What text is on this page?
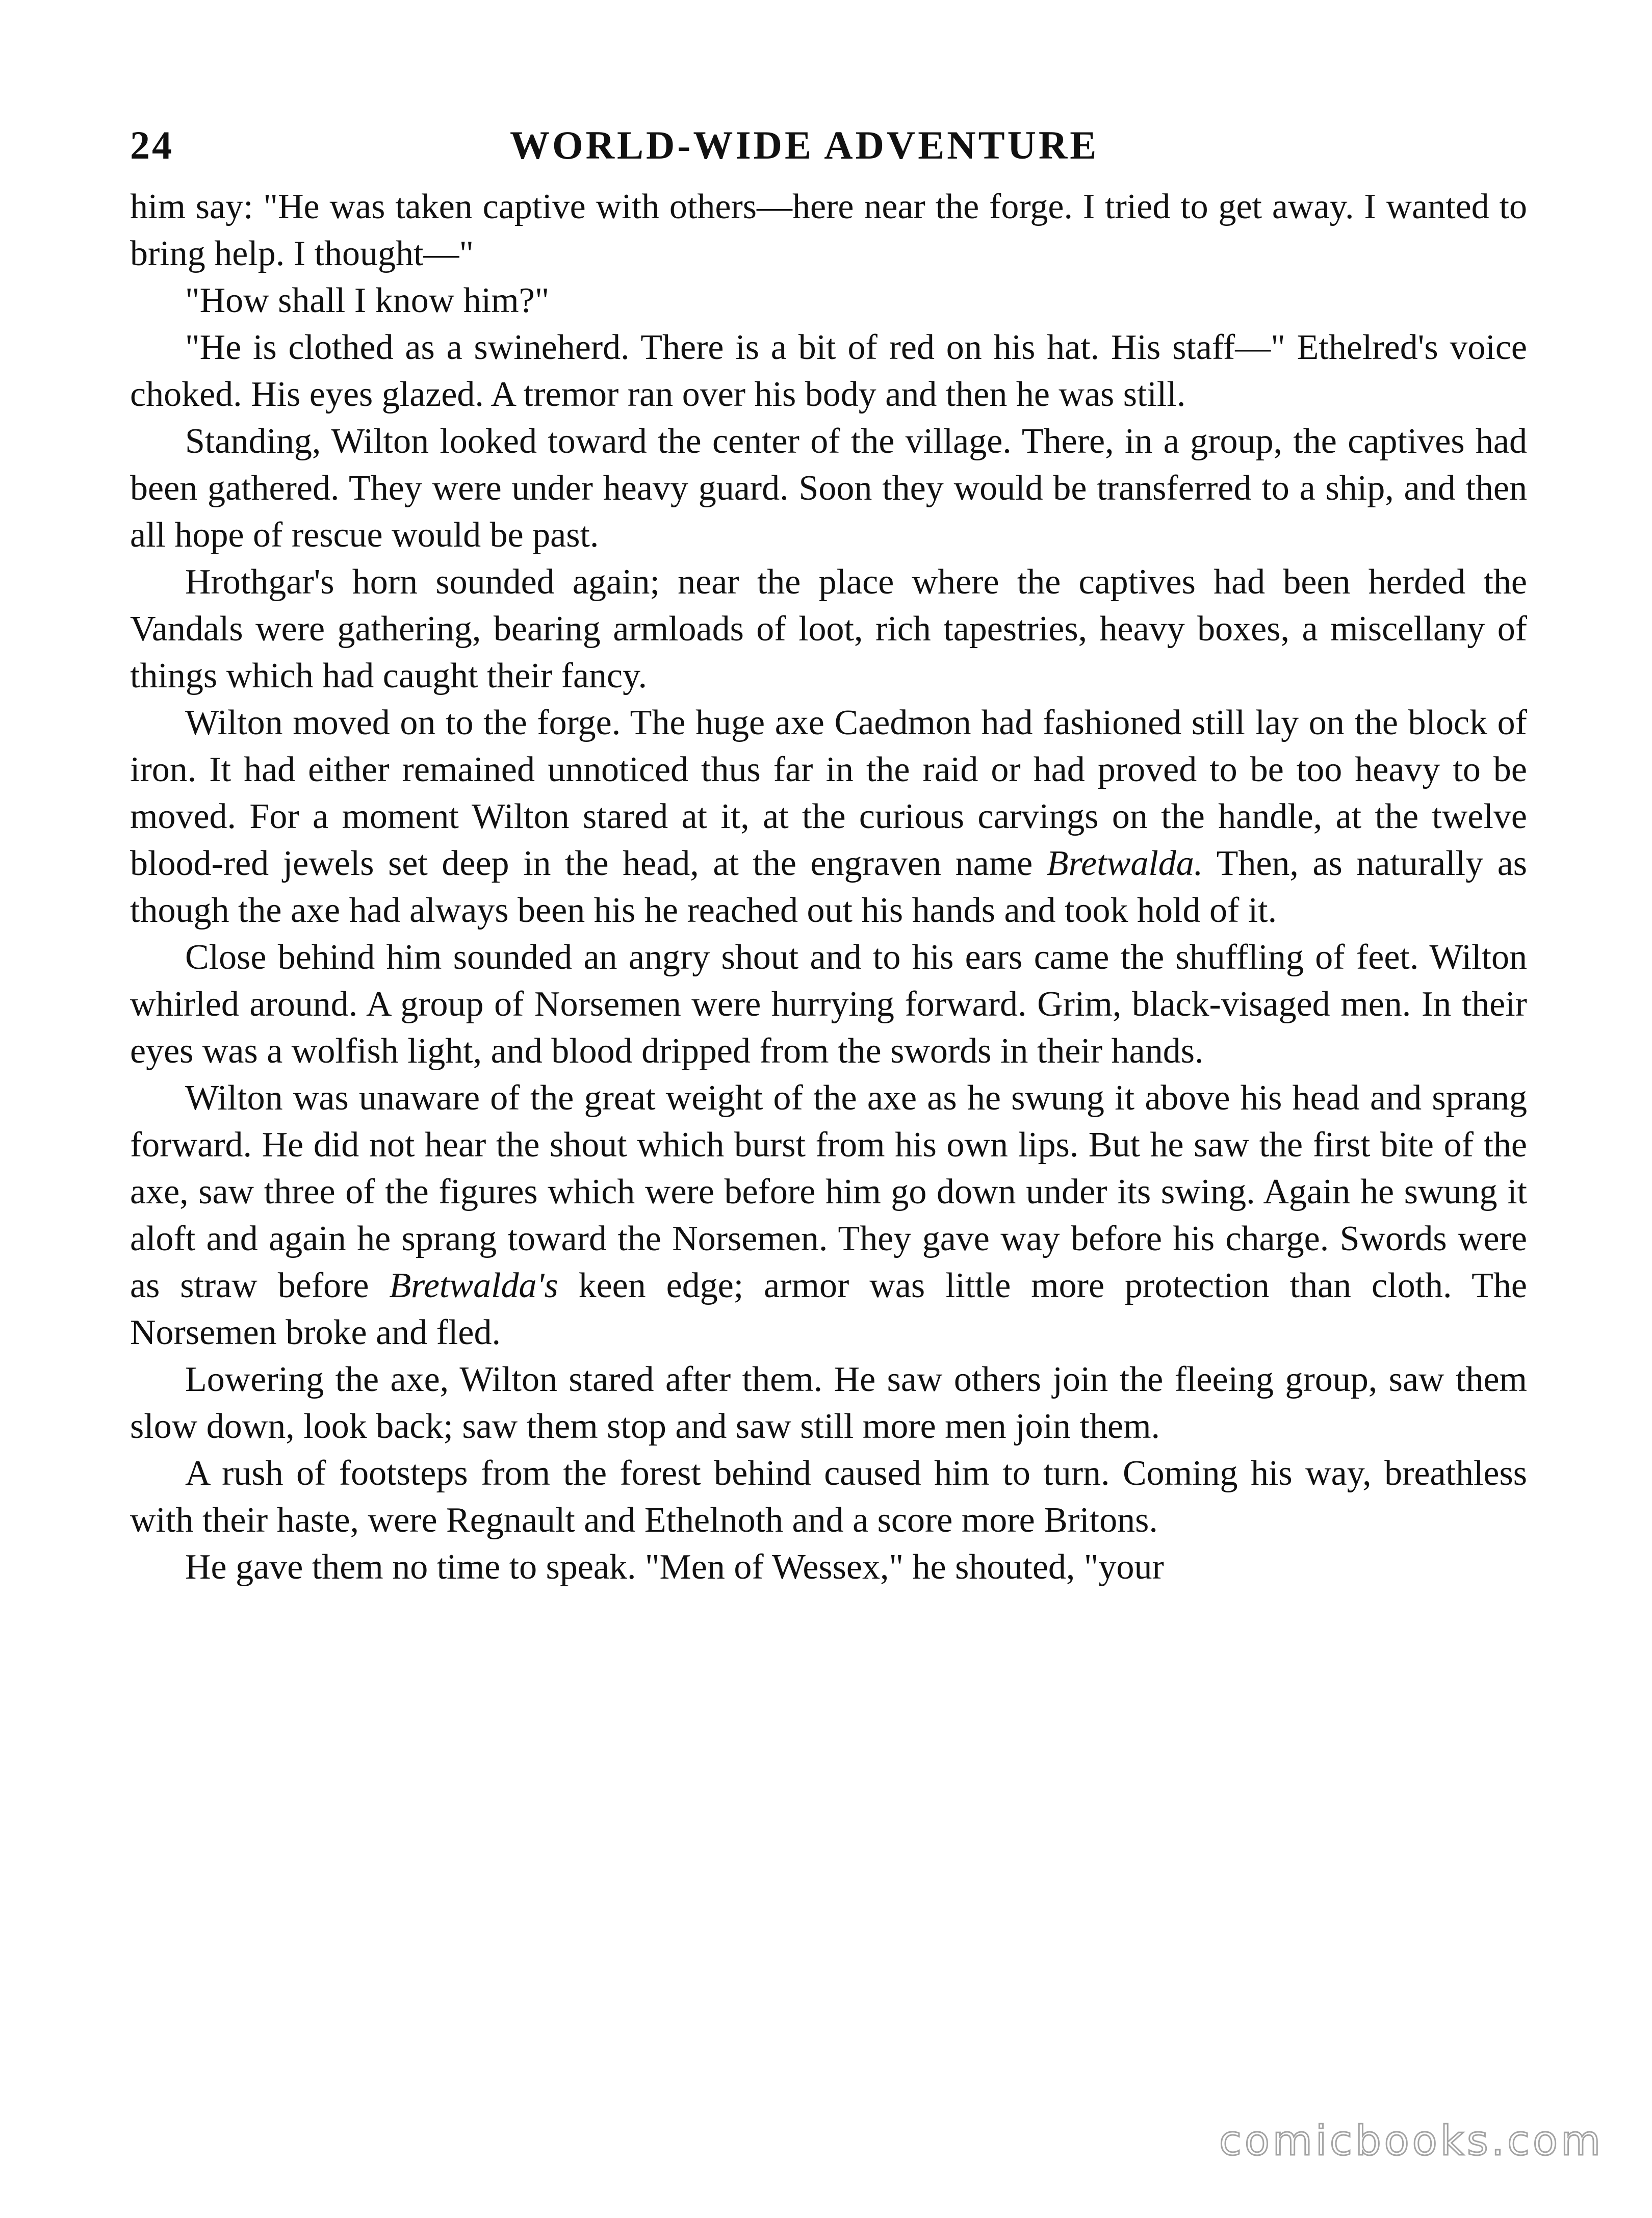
24	WORLD-WIDE ADVENTURE

him say: "He was taken captive with others—here near the forge. I tried to get away. I wanted to bring help. I thought—"

"How shall I know him?"

"He is clothed as a swineherd. There is a bit of red on his hat. His staff—" Ethelred's voice choked. His eyes glazed. A tremor ran over his body and then he was still.

Standing, Wilton looked toward the center of the village. There, in a group, the captives had been gathered. They were under heavy guard. Soon they would be transferred to a ship, and then all hope of rescue would be past.

Hrothgar's horn sounded again; near the place where the captives had been herded the Vandals were gathering, bearing armloads of loot, rich tapestries, heavy boxes, a miscellany of things which had caught their fancy.

Wilton moved on to the forge. The huge axe Caedmon had fashioned still lay on the block of iron. It had either remained unnoticed thus far in the raid or had proved to be too heavy to be moved. For a moment Wilton stared at it, at the curious carvings on the handle, at the twelve blood-red jewels set deep in the head, at the engraven name Bretwalda. Then, as naturally as though the axe had always been his he reached out his hands and took hold of it.

Close behind him sounded an angry shout and to his ears came the shuffling of feet. Wilton whirled around. A group of Norsemen were hurrying forward. Grim, black-visaged men. In their eyes was a wolfish light, and blood dripped from the swords in their hands.

Wilton was unaware of the great weight of the axe as he swung it above his head and sprang forward. He did not hear the shout which burst from his own lips. But he saw the first bite of the axe, saw three of the figures which were before him go down under its swing. Again he swung it aloft and again he sprang toward the Norsemen. They gave way before his charge. Swords were as straw before Bretwalda's keen edge; armor was little more protection than cloth. The Norsemen broke and fled.

Lowering the axe, Wilton stared after them. He saw others join the fleeing group, saw them slow down, look back; saw them stop and saw still more men join them.

A rush of footsteps from the forest behind caused him to turn. Coming his way, breathless with their haste, were Regnault and Ethelnoth and a score more Britons.

He gave them no time to speak. "Men of Wessex," he shouted, "your

comicbooks.com
